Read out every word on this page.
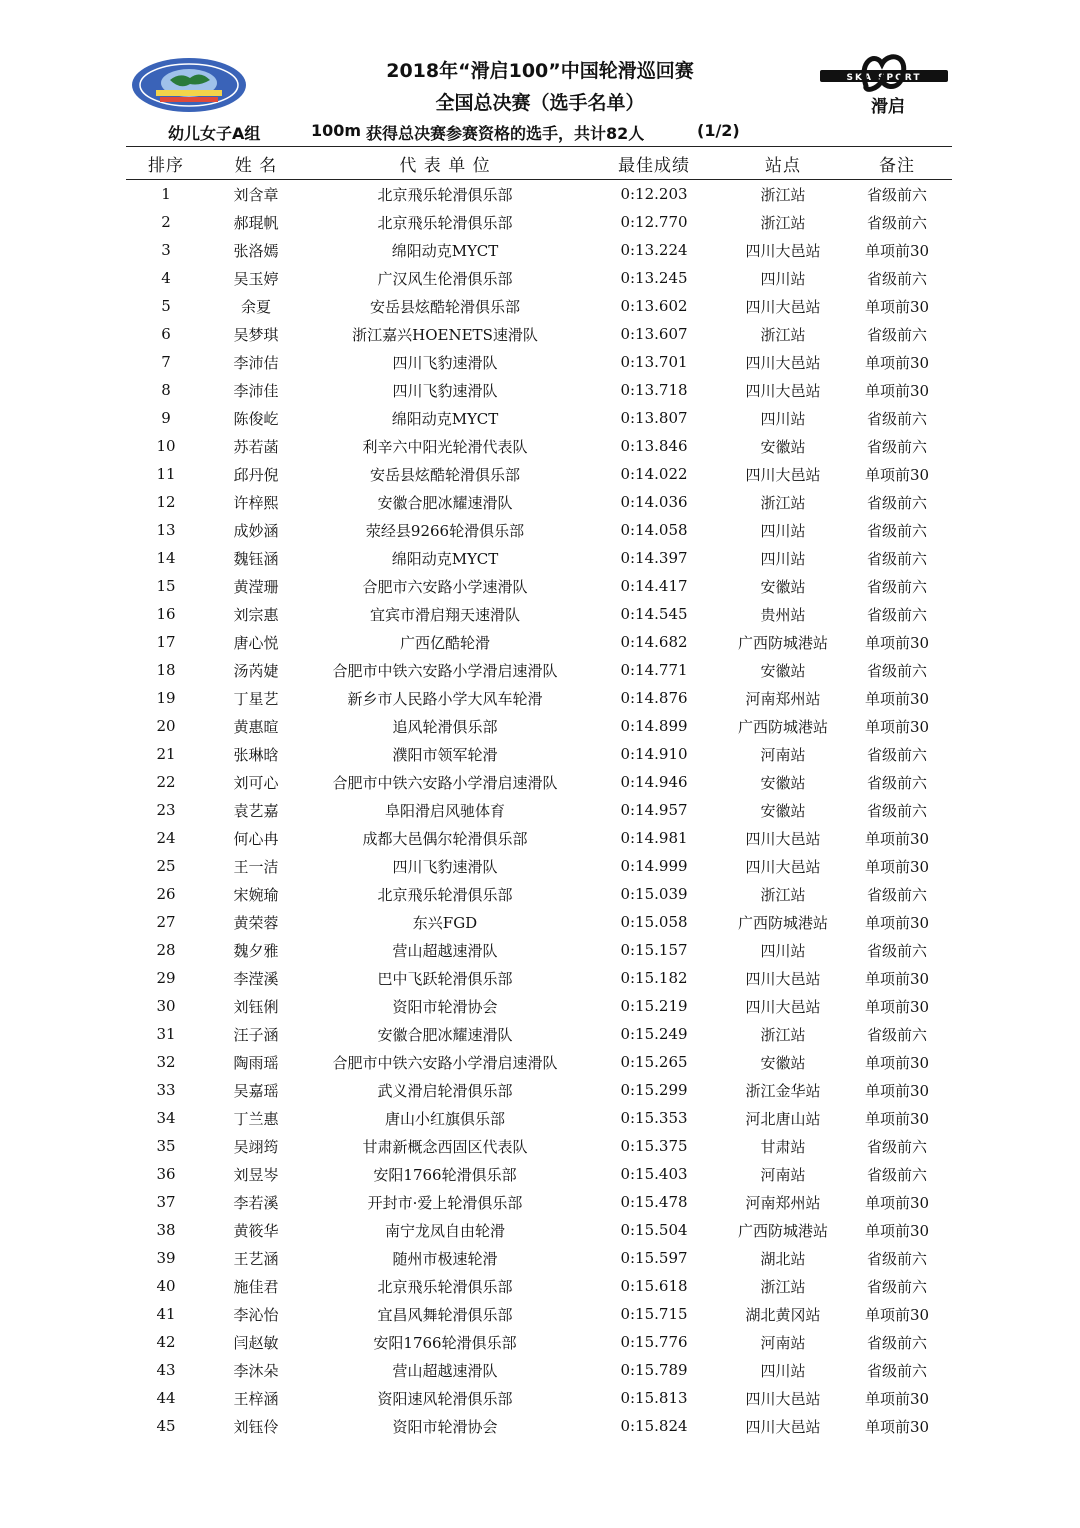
2018年“滑启100”中国轮滑巡回赛
全国总决赛（选手名单）
SKA SPORT
滑启
幼儿女子A组	100m 获得总决赛参赛资格的选手，共计82人	(1/2)
排序	姓 名	代 表 单 位	最佳成绩	站点	备注
1	刘含章	北京飛乐轮滑俱乐部	0:12.203	浙江站	省级前六
2	郝琨帆	北京飛乐轮滑俱乐部	0:12.770	浙江站	省级前六
3	张洛嫣	绵阳动克MYCT	0:13.224	四川大邑站	单项前30
4	吴玉婷	广汉风生伦滑俱乐部	0:13.245	四川站	省级前六
5	余夏	安岳县炫酷轮滑俱乐部	0:13.602	四川大邑站	单项前30
6	吴梦琪	浙江嘉兴HOENETS速滑队	0:13.607	浙江站	省级前六
7	李沛佶	四川飞豹速滑队	0:13.701	四川大邑站	单项前30
8	李沛佳	四川飞豹速滑队	0:13.718	四川大邑站	单项前30
9	陈俊屹	绵阳动克MYCT	0:13.807	四川站	省级前六
10	苏若菡	利辛六中阳光轮滑代表队	0:13.846	安徽站	省级前六
11	邱丹倪	安岳县炫酷轮滑俱乐部	0:14.022	四川大邑站	单项前30
12	许梓熙	安徽合肥冰耀速滑队	0:14.036	浙江站	省级前六
13	成妙涵	荥经县9266轮滑俱乐部	0:14.058	四川站	省级前六
14	魏钰涵	绵阳动克MYCT	0:14.397	四川站	省级前六
15	黄滢珊	合肥市六安路小学速滑队	0:14.417	安徽站	省级前六
16	刘宗惠	宜宾市滑启翔天速滑队	0:14.545	贵州站	省级前六
17	唐心悦	广西亿酷轮滑	0:14.682	广西防城港站	单项前30
18	汤芮婕	合肥市中铁六安路小学滑启速滑队	0:14.771	安徽站	省级前六
19	丁星艺	新乡市人民路小学大风车轮滑	0:14.876	河南郑州站	单项前30
20	黄惠暄	追风轮滑俱乐部	0:14.899	广西防城港站	单项前30
21	张琳晗	濮阳市领军轮滑	0:14.910	河南站	省级前六
22	刘可心	合肥市中铁六安路小学滑启速滑队	0:14.946	安徽站	省级前六
23	袁艺嘉	阜阳滑启风驰体育	0:14.957	安徽站	省级前六
24	何心冉	成都大邑偶尔轮滑俱乐部	0:14.981	四川大邑站	单项前30
25	王一洁	四川飞豹速滑队	0:14.999	四川大邑站	单项前30
26	宋婉瑜	北京飛乐轮滑俱乐部	0:15.039	浙江站	省级前六
27	黄荣蓉	东兴FGD	0:15.058	广西防城港站	单项前30
28	魏夕雅	营山超越速滑队	0:15.157	四川站	省级前六
29	李滢溪	巴中飞跃轮滑俱乐部	0:15.182	四川大邑站	单项前30
30	刘钰俐	资阳市轮滑协会	0:15.219	四川大邑站	单项前30
31	汪子涵	安徽合肥冰耀速滑队	0:15.249	浙江站	省级前六
32	陶雨瑶	合肥市中铁六安路小学滑启速滑队	0:15.265	安徽站	单项前30
33	吴嘉瑶	武义滑启轮滑俱乐部	0:15.299	浙江金华站	单项前30
34	丁兰惠	唐山小红旗俱乐部	0:15.353	河北唐山站	单项前30
35	吴翊筠	甘肃新概念西固区代表队	0:15.375	甘肃站	省级前六
36	刘昱岑	安阳1766轮滑俱乐部	0:15.403	河南站	省级前六
37	李若溪	开封市·爱上轮滑俱乐部	0:15.478	河南郑州站	单项前30
38	黄筱华	南宁龙凤自由轮滑	0:15.504	广西防城港站	单项前30
39	王艺涵	随州市极速轮滑	0:15.597	湖北站	省级前六
40	施佳君	北京飛乐轮滑俱乐部	0:15.618	浙江站	省级前六
41	李沁怡	宜昌风舞轮滑俱乐部	0:15.715	湖北黄冈站	单项前30
42	闫赵敏	安阳1766轮滑俱乐部	0:15.776	河南站	省级前六
43	李沐朵	营山超越速滑队	0:15.789	四川站	省级前六
44	王梓涵	资阳速风轮滑俱乐部	0:15.813	四川大邑站	单项前30
45	刘钰伶	资阳市轮滑协会	0:15.824	四川大邑站	单项前30
